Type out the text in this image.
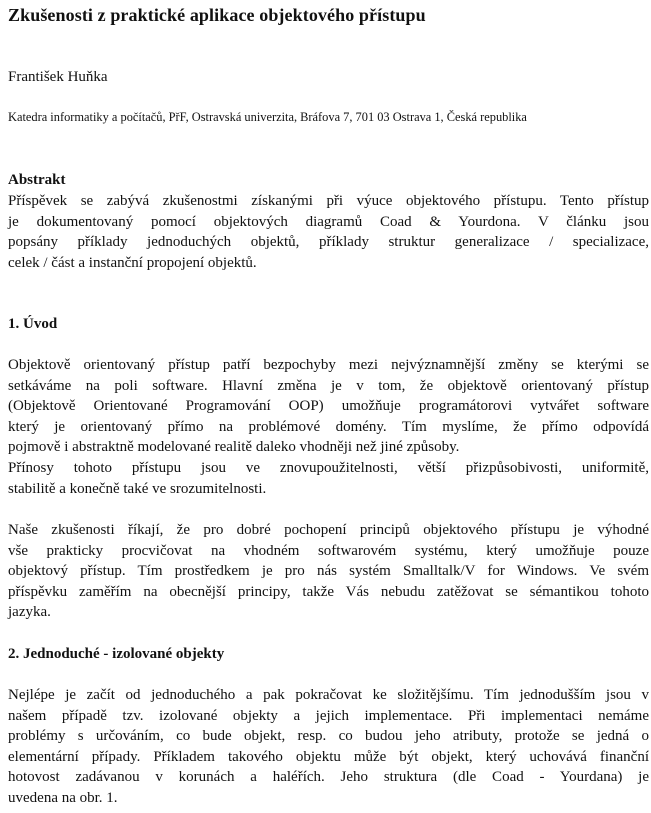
Zkušenosti z praktické aplikace objektového přístupu
František Huňka
Katedra informatiky a počítačů, PřF, Ostravská univerzita, Bráfova 7, 701 03 Ostrava 1, Česká republika
Abstrakt
Příspěvek se zabývá zkušenostmi získanými při výuce objektového přístupu. Tento přístup
je dokumentovaný pomocí objektových diagramů Coad & Yourdona. V článku jsou
popsány příklady jednoduchých objektů, příklady struktur generalizace / specializace,
celek / část a instanční propojení objektů.
1. Úvod
Objektově orientovaný přístup patří bezpochyby mezi nejvýznamnější změny se kterými se
setkáváme na poli software. Hlavní změna je v tom, že objektově orientovaný přístup
(Objektově Orientované Programování OOP) umožňuje programátorovi vytvářet software
který je orientovaný přímo na problémové domény. Tím myslíme, že přímo odpovídá
pojmově i abstraktně modelované realitě daleko vhodněji než jiné způsoby.
Přínosy tohoto přístupu jsou ve znovupoužitelnosti, větší přizpůsobivosti, uniformitě,
stabilitě a konečně také ve srozumitelnosti.
Naše zkušenosti říkají, že pro dobré pochopení principů objektového přístupu je výhodné
vše prakticky procvičovat na vhodném softwarovém systému, který umožňuje pouze
objektový přístup. Tím prostředkem je pro nás systém Smalltalk/V for Windows. Ve svém
příspěvku zaměřím na obecnější principy, takže Vás nebudu zatěžovat se sémantikou tohoto
jazyka.
2. Jednoduché - izolované objekty
Nejlépe je začít od jednoduchého a pak pokračovat ke složitějšímu. Tím jednodušším jsou v
našem případě tzv. izolované objekty a jejich implementace. Při implementaci nemáme
problémy s určováním, co bude objekt, resp. co budou jeho atributy, protože se jedná o
elementární případy. Příkladem takového objektu může být objekt, který uchovává finanční
hotovost zadávanou v korunách a haléřích. Jeho struktura (dle Coad - Yourdana) je
uvedena na obr. 1.
